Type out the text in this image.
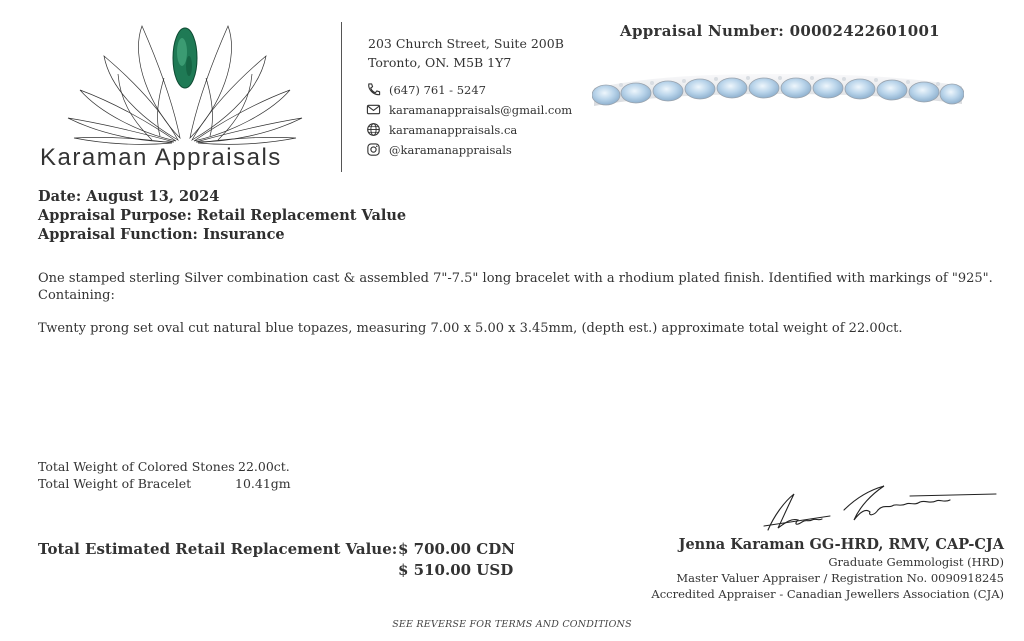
Karaman Appraisals
203 Church Street, Suite 200B
Toronto, ON. M5B 1Y7
(647) 761 - 5247
karamanappraisals@gmail.com
karamanappraisals.ca
@karamanappraisals
Appraisal Number: 00002422601001
Date: August 13, 2024
Appraisal Purpose: Retail Replacement Value
Appraisal Function: Insurance
One stamped sterling Silver combination cast & assembled 7"-7.5" long bracelet with a rhodium plated finish. Identified with markings of "925".
Containing:
Twenty prong set oval cut natural blue topazes, measuring 7.00 x 5.00 x 3.45mm, (depth est.) approximate total weight of 22.00ct.
Total Weight of Colored Stones 22.00ct.
Total Weight of Bracelet	10.41gm
Total Estimated Retail Replacement Value: $ 700.00 CDN
$ 510.00 USD
Jenna Karaman GG-HRD, RMV, CAP-CJA
Graduate Gemmologist (HRD)
Master Valuer Appraiser / Registration No. 0090918245
Accredited Appraiser - Canadian Jewellers Association (CJA)
SEE REVERSE FOR TERMS AND CONDITIONS
